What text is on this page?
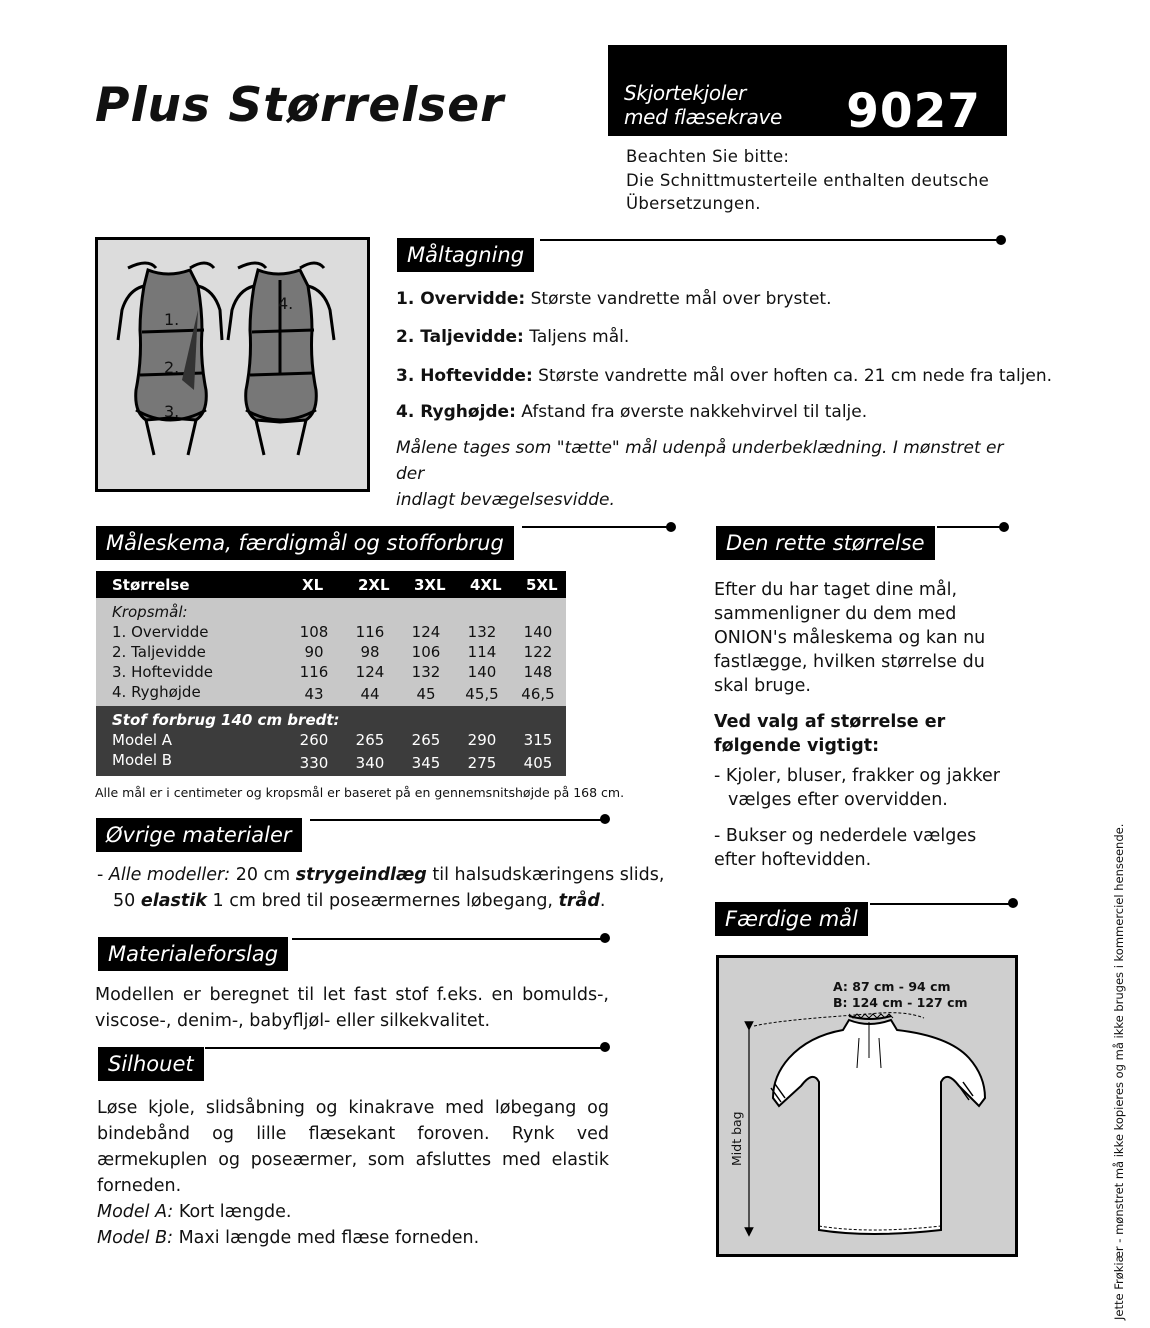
Plus Størrelser	Skjortekjoler
med flæsekrave 9027
Beachten Sie bitte:
Die Schnittmusterteile enthalten deutsche
Übersetzungen.
1.
2.
3.
4.
Måltagning
1. Overvidde: Største vandrette mål over brystet.
2. Taljevidde: Taljens mål.
3. Hoftevidde: Største vandrette mål over hoften ca. 21 cm nede fra taljen.
4. Ryghøjde: Afstand fra øverste nakkehvirvel til talje.
Målene tages som "tætte" mål udenpå underbeklædning. I mønstret er der
indlagt bevægelsesvidde.
Måleskema, færdigmål og stofforbrug
Størrelse	XL	2XL	3XL	4XL	5XL
Kropsmål:					
1. Overvidde	108	116	124	132	140
2. Taljevidde	90	98	106	114	122
3. Hoftevidde	116	124	132	140	148
4. Ryghøjde	43	44	45	45,5	46,5
Stof forbrug 140 cm bredt:					
Model A	260	265	265	290	315
Model B	330	340	345	275	405
Alle mål er i centimeter og kropsmål er baseret på en gennemsnitshøjde på 168 cm.
Øvrige materialer
- Alle modeller: 20 cm strygeindlæg til halsudskæringens slids,
50 elastik 1 cm bred til poseærmernes løbegang, tråd.
Materialeforslag
Modellen er beregnet til let fast stof f.eks. en bomulds-, viscose-, denim-, babyfljøl- eller silkekvalitet.
Silhouet
Løse kjole, slidsåbning og kinakrave med løbegang og bindebånd og lille flæsekant foroven. Rynk ved ærmekuplen og poseærmer, som afsluttes med elastik forneden.
Model A: Kort længde.
Model B: Maxi længde med flæse forneden.
Den rette størrelse
Efter du har taget dine mål, sammenligner du dem med ONION's måleskema og kan nu fastlægge, hvilken størrelse du skal bruge.
Ved valg af størrelse er følgende vigtigt:
- Kjoler, bluser, frakker og jakker vælges efter overvidden.
- Bukser og nederdele vælges efter hoftevidden.
Færdige mål
A: 87 cm - 94 cm
B: 124 cm - 127 cm
Midt bag	Jette Frøkiær - mønstret må ikke kopieres og må ikke bruges i kommerciel henseende.
